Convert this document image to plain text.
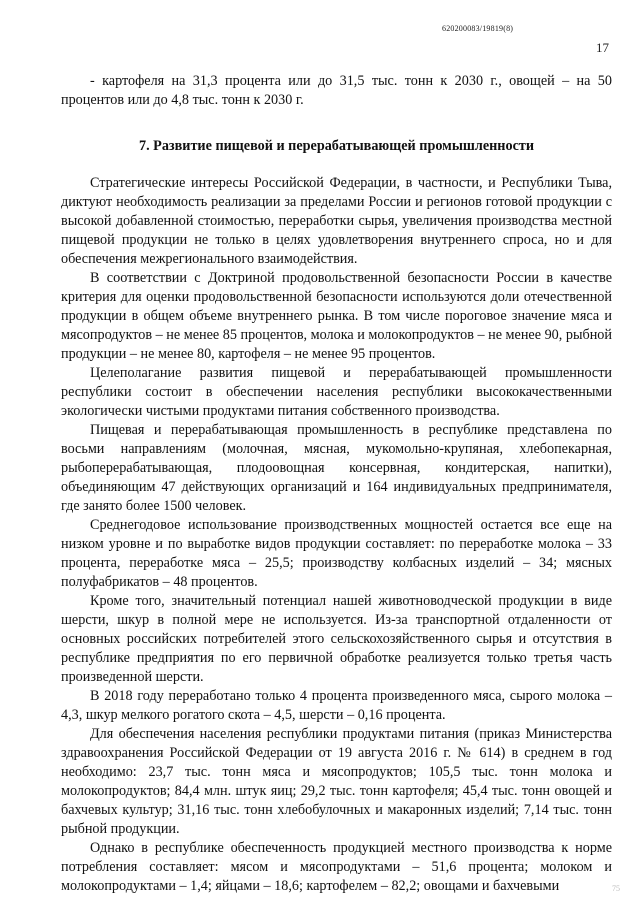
620200083/19819(8)
17

- картофеля на 31,3 процента или до 31,5 тыс. тонн к 2030 г., овощей – на 50 процентов или до 4,8 тыс. тонн к 2030 г.

7. Развитие пищевой и перерабатывающей промышленности

Стратегические интересы Российской Федерации, в частности, и Республики Тыва, диктуют необходимость реализации за пределами России и регионов готовой продукции с высокой добавленной стоимостью, переработки сырья, увеличения производства местной пищевой продукции не только в целях удовлетворения внутреннего спроса, но и для обеспечения межрегионального взаимодействия.

В соответствии с Доктриной продовольственной безопасности России в качестве критерия для оценки продовольственной безопасности используются доли отечественной продукции в общем объеме внутреннего рынка. В том числе пороговое значение мяса и мясопродуктов – не менее 85 процентов, молока и молокопродуктов – не менее 90, рыбной продукции – не менее 80, картофеля – не менее 95 процентов.

Целеполагание развития пищевой и перерабатывающей промышленности республики состоит в обеспечении населения республики высококачественными экологически чистыми продуктами питания собственного производства.

Пищевая и перерабатывающая промышленность в республике представлена по восьми направлениям (молочная, мясная, мукомольно-крупяная, хлебопекарная, рыбоперерабатывающая, плодоовощная консервная, кондитерская, напитки), объединяющим 47 действующих организаций и 164 индивидуальных предпринимателя, где занято более 1500 человек.

Среднегодовое использование производственных мощностей остается все еще на низком уровне и по выработке видов продукции составляет: по переработке молока – 33 процента, переработке мяса – 25,5; производству колбасных изделий – 34; мясных полуфабрикатов – 48 процентов.

Кроме того, значительный потенциал нашей животноводческой продукции в виде шерсти, шкур в полной мере не используется. Из-за транспортной отдаленности от основных российских потребителей этого сельскохозяйственного сырья и отсутствия в республике предприятия по его первичной обработке реализуется только третья часть произведенной шерсти.

В 2018 году переработано только 4 процента произведенного мяса, сырого молока – 4,3, шкур мелкого рогатого скота – 4,5, шерсти – 0,16 процента.

Для обеспечения населения республики продуктами питания (приказ Министерства здравоохранения Российской Федерации от 19 августа 2016 г. № 614) в среднем в год необходимо: 23,7 тыс. тонн мяса и мясопродуктов; 105,5 тыс. тонн молока и молокопродуктов; 84,4 млн. штук яиц; 29,2 тыс. тонн картофеля; 45,4 тыс. тонн овощей и бахчевых культур; 31,16 тыс. тонн хлебобулочных и макаронных изделий; 7,14 тыс. тонн рыбной продукции.

Однако в республике обеспеченность продукцией местного производства к норме потребления составляет: мясом и мясопродуктами – 51,6 процента; молоком и молокопродуктами – 1,4; яйцами – 18,6; картофелем – 82,2; овощами и бахчевыми	75
